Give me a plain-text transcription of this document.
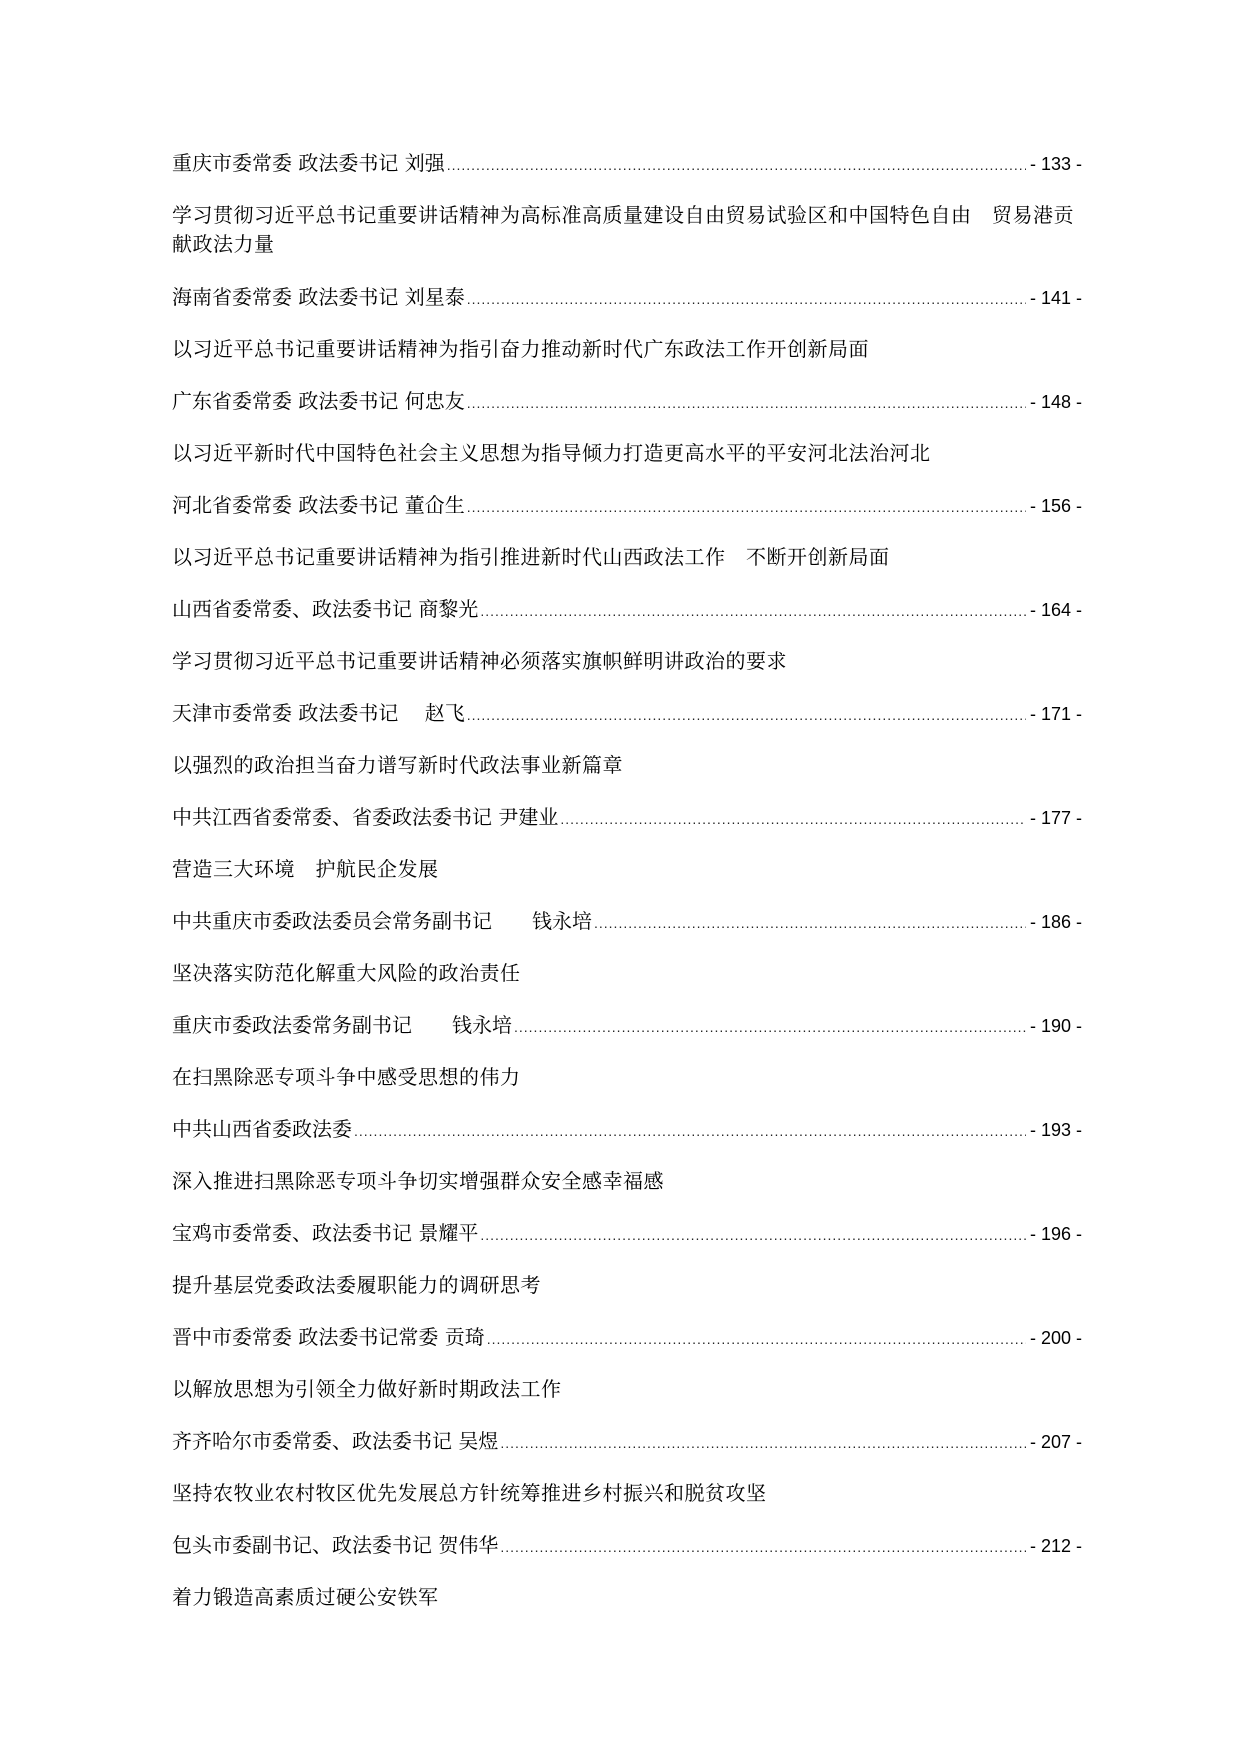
重庆市委常委 政法委书记 刘强 .....	- 133 -
学习贯彻习近平总书记重要讲话精神为高标准高质量建设自由贸易试验区和中国特色自由　贸易港贡献政法力量
海南省委常委 政法委书记 刘星泰 .....	- 141 -
以习近平总书记重要讲话精神为指引奋力推动新时代广东政法工作开创新局面
广东省委常委 政法委书记 何忠友 .....	- 148 -
以习近平新时代中国特色社会主义思想为指导倾力打造更高水平的平安河北法治河北
河北省委常委 政法委书记 董仚生 .....	- 156 -
以习近平总书记重要讲话精神为指引推进新时代山西政法工作　不断开创新局面
山西省委常委、政法委书记 商黎光 .....	- 164 -
学习贯彻习近平总书记重要讲话精神必须落实旗帜鲜明讲政治的要求
天津市委常委 政法委书记　 赵飞 .....	- 171 -
以强烈的政治担当奋力谱写新时代政法事业新篇章
中共江西省委常委、省委政法委书记 尹建业 .....	- 177 -
营造三大环境　护航民企发展
中共重庆市委政法委员会常务副书记　　钱永培 .....	- 186 -
坚决落实防范化解重大风险的政治责任
重庆市委政法委常务副书记　　钱永培 .....	- 190 -
在扫黑除恶专项斗争中感受思想的伟力
中共山西省委政法委 .....	- 193 -
深入推进扫黑除恶专项斗争切实增强群众安全感幸福感
宝鸡市委常委、政法委书记 景耀平 .....	- 196 -
提升基层党委政法委履职能力的调研思考
晋中市委常委 政法委书记常委 贡琦 .....	- 200 -
以解放思想为引领全力做好新时期政法工作
齐齐哈尔市委常委、政法委书记 吴煜 .....	- 207 -
坚持农牧业农村牧区优先发展总方针统筹推进乡村振兴和脱贫攻坚
包头市委副书记、政法委书记 贺伟华 .....	- 212 -
着力锻造高素质过硬公安铁军
